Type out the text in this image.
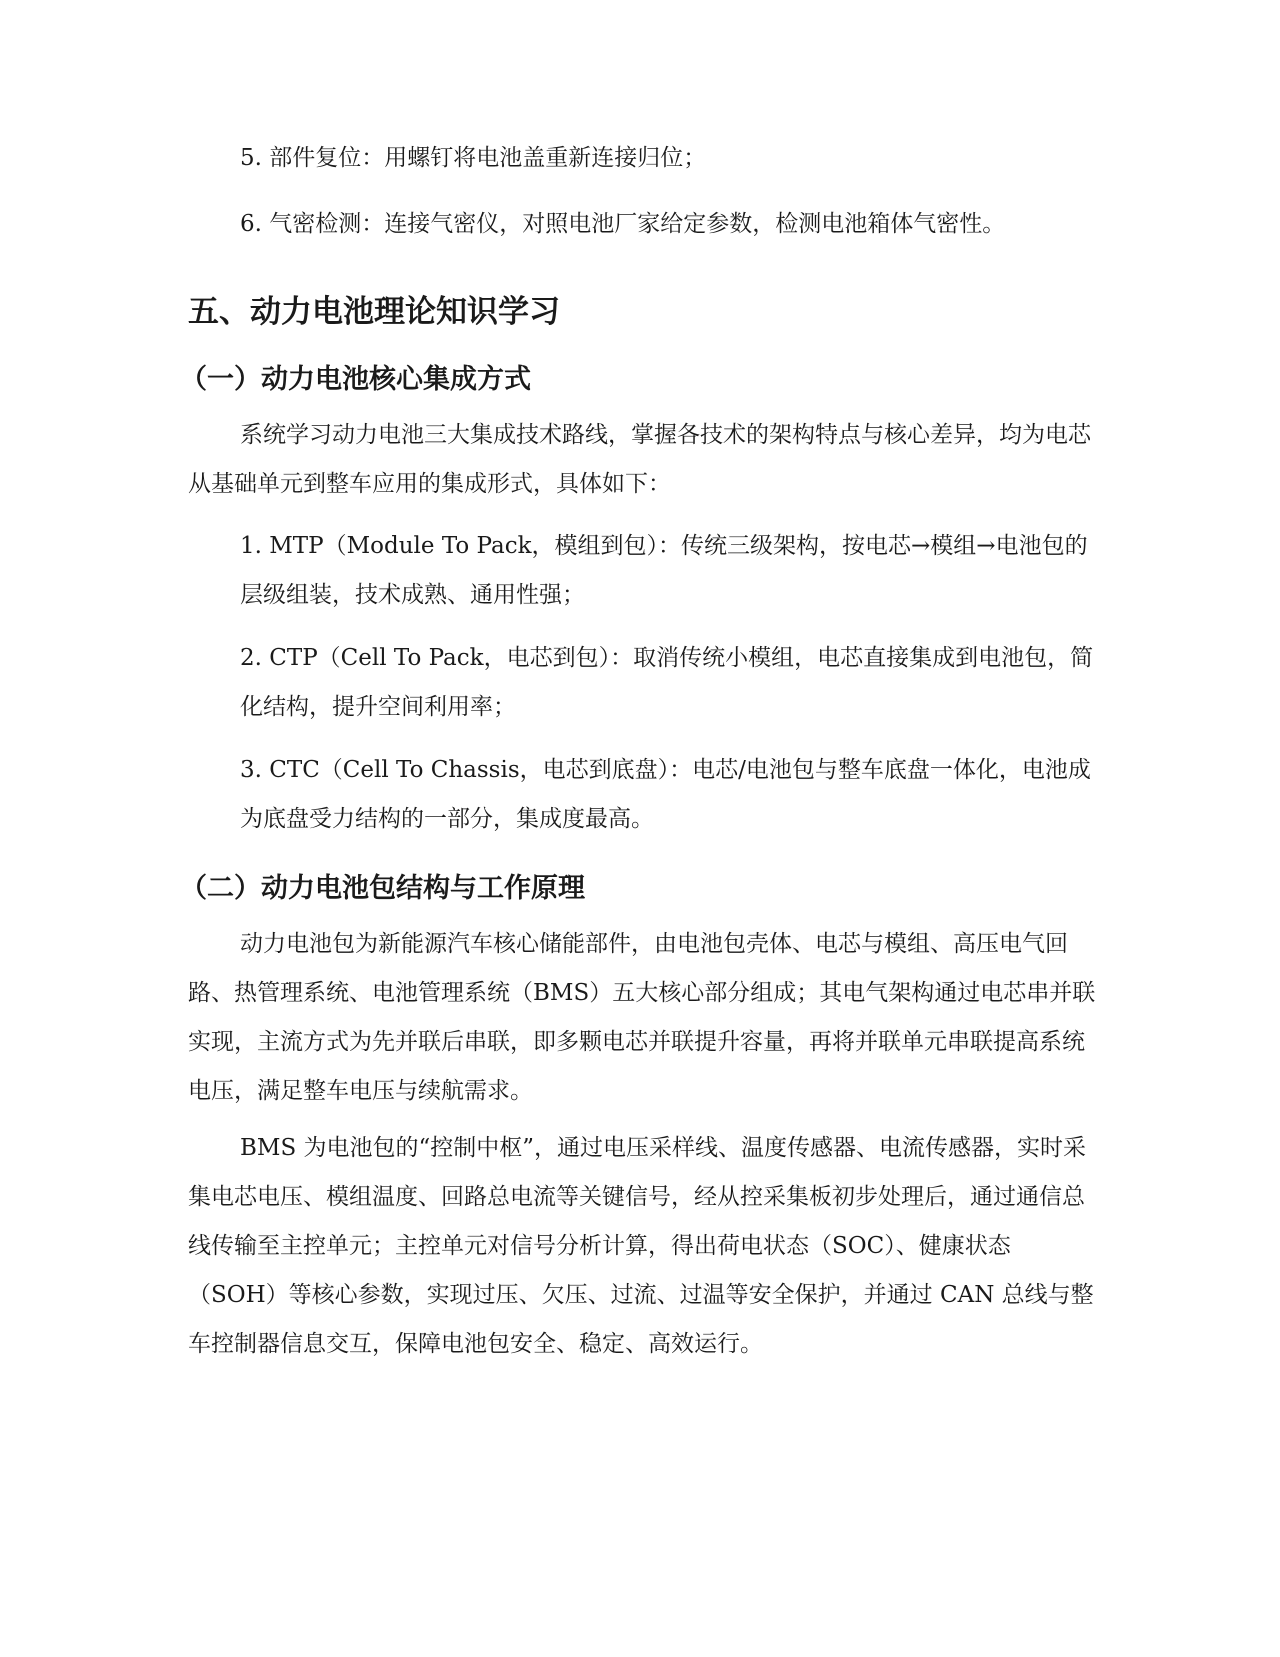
5. 部件复位：用螺钉将电池盖重新连接归位；

6. 气密检测：连接气密仪，对照电池厂家给定参数，检测电池箱体气密性。

五、动力电池理论知识学习
（一）动力电池核心集成方式

系统学习动力电池三大集成技术路线，掌握各技术的架构特点与核心差异，均为电芯从基础单元到整车应用的集成形式，具体如下：

1. MTP（Module To Pack，模组到包）：传统三级架构，按电芯→模组→电池包的层级组装，技术成熟、通用性强；

2. CTP（Cell To Pack，电芯到包）：取消传统小模组，电芯直接集成到电池包，简化结构，提升空间利用率；

3. CTC（Cell To Chassis，电芯到底盘）：电芯/电池包与整车底盘一体化，电池成为底盘受力结构的一部分，集成度最高。

（二）动力电池包结构与工作原理

动力电池包为新能源汽车核心储能部件，由电池包壳体、电芯与模组、高压电气回路、热管理系统、电池管理系统（BMS）五大核心部分组成；其电气架构通过电芯串并联实现，主流方式为先并联后串联，即多颗电芯并联提升容量，再将并联单元串联提高系统电压，满足整车电压与续航需求。

BMS 为电池包的“控制中枢”，通过电压采样线、温度传感器、电流传感器，实时采集电芯电压、模组温度、回路总电流等关键信号，经从控采集板初步处理后，通过通信总线传输至主控单元；主控单元对信号分析计算，得出荷电状态（SOC）、健康状态（SOH）等核心参数，实现过压、欠压、过流、过温等安全保护，并通过 CAN 总线与整车控制器信息交互，保障电池包安全、稳定、高效运行。
